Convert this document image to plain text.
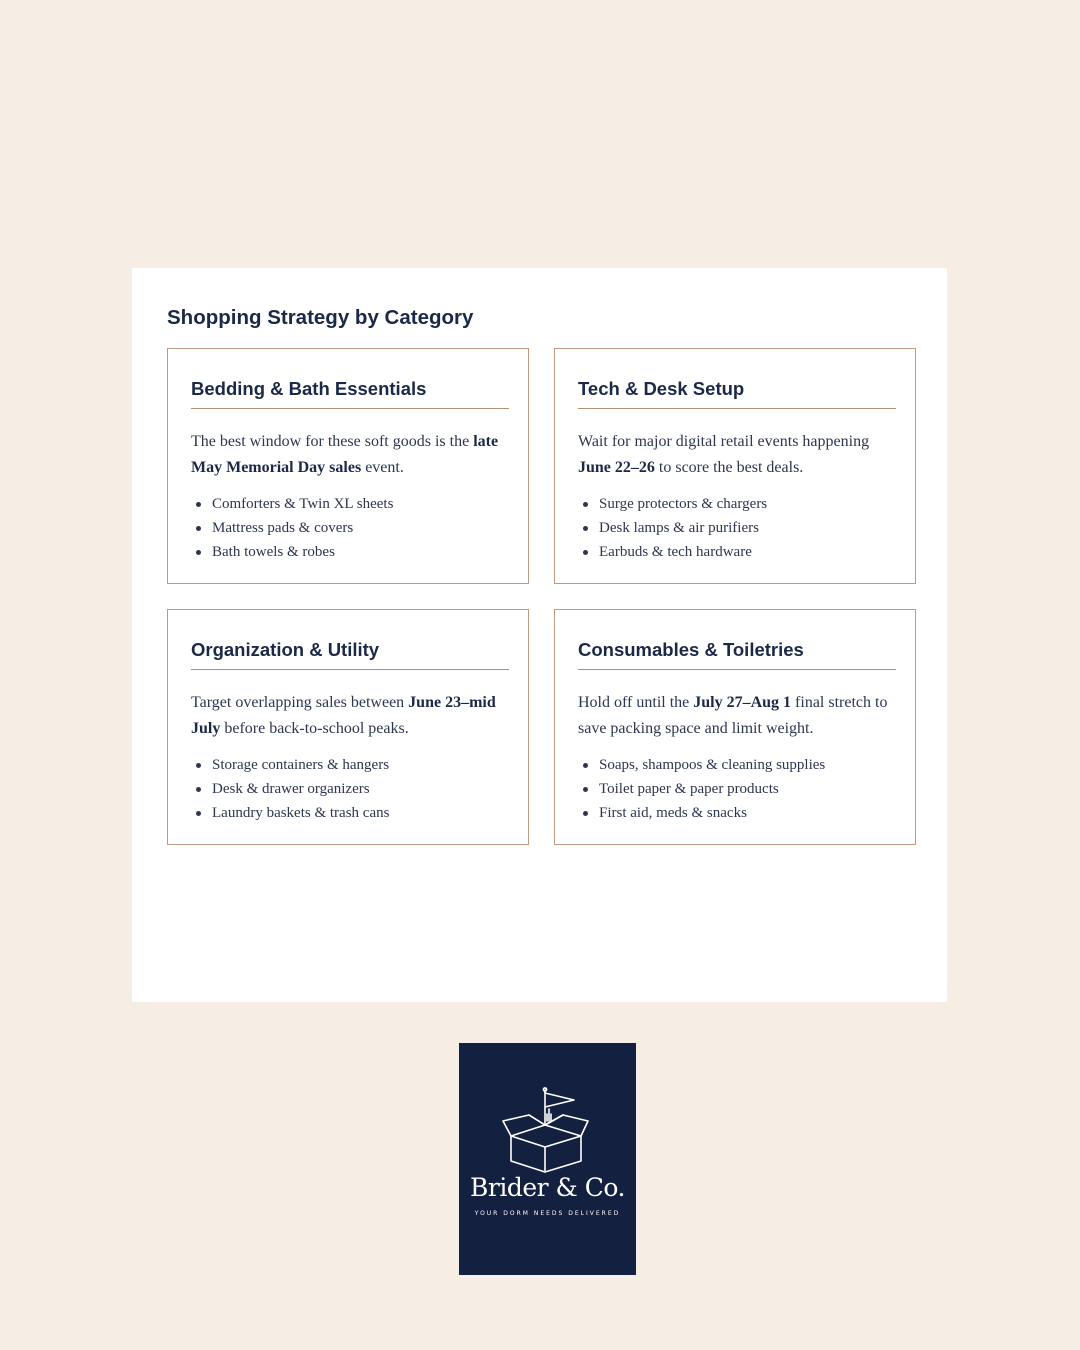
Shopping Strategy by Category
Bedding & Bath Essentials

The best window for these soft goods is the late May Memorial Day sales event.

Comforters & Twin XL sheets
Mattress pads & covers
Bath towels & robes
Tech & Desk Setup

Wait for major digital retail events happening June 22–26 to score the best deals.

Surge protectors & chargers
Desk lamps & air purifiers
Earbuds & tech hardware
Organization & Utility

Target overlapping sales between June 23–mid July before back-to-school peaks.

Storage containers & hangers
Desk & drawer organizers
Laundry baskets & trash cans
Consumables & Toiletries

Hold off until the July 27–Aug 1 final stretch to save packing space and limit weight.

Soaps, shampoos & cleaning supplies
Toilet paper & paper products
First aid, meds & snacks
Brider & Co.
YOUR DORM NEEDS DELIVERED
